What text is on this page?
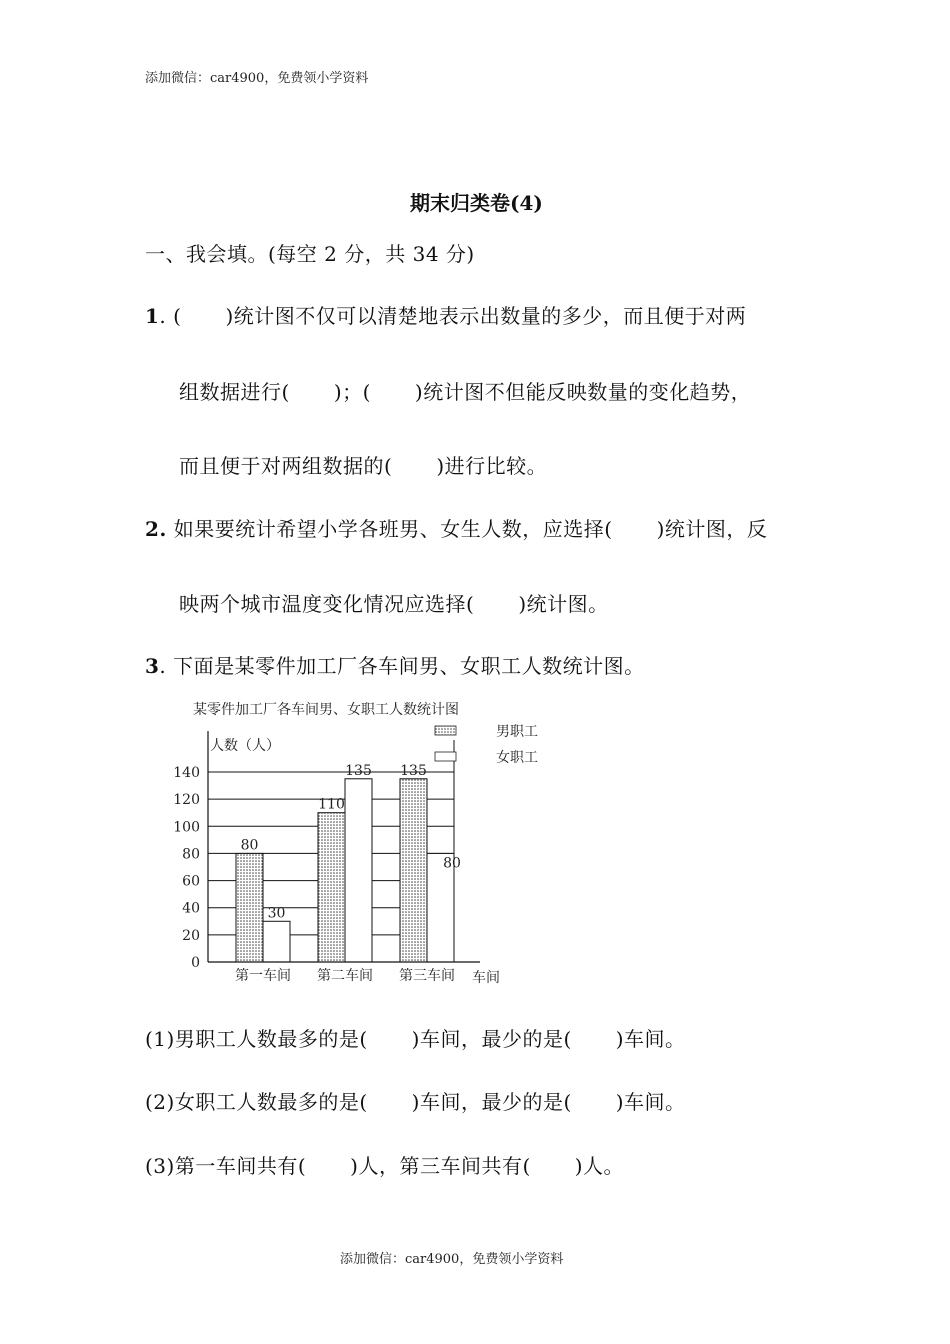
添加微信：car4900，免费领小学资料
期末归类卷(4)
一、我会填。(每空 2 分，共 34 分)
1. ( )统计图不仅可以清楚地表示出数量的多少，而且便于对两
组数据进行( )；( )统计图不但能反映数量的变化趋势，
而且便于对两组数据的( )进行比较。
2. 如果要统计希望小学各班男、女生人数，应选择( )统计图，反
映两个城市温度变化情况应选择( )统计图。
3. 下面是某零件加工厂各车间男、女职工人数统计图。
某零件加工厂各车间男、女职工人数统计图
人数（人）
车间
0
20
40
60
80
100
120
140
80
30
110
135 135
80
第一车间 第二车间 第三车间
男职工
女职工
(1)男职工人数最多的是( )车间，最少的是( )车间。
(2)女职工人数最多的是( )车间，最少的是( )车间。
(3)第一车间共有( )人，第三车间共有( )人。
添加微信：car4900，免费领小学资料
